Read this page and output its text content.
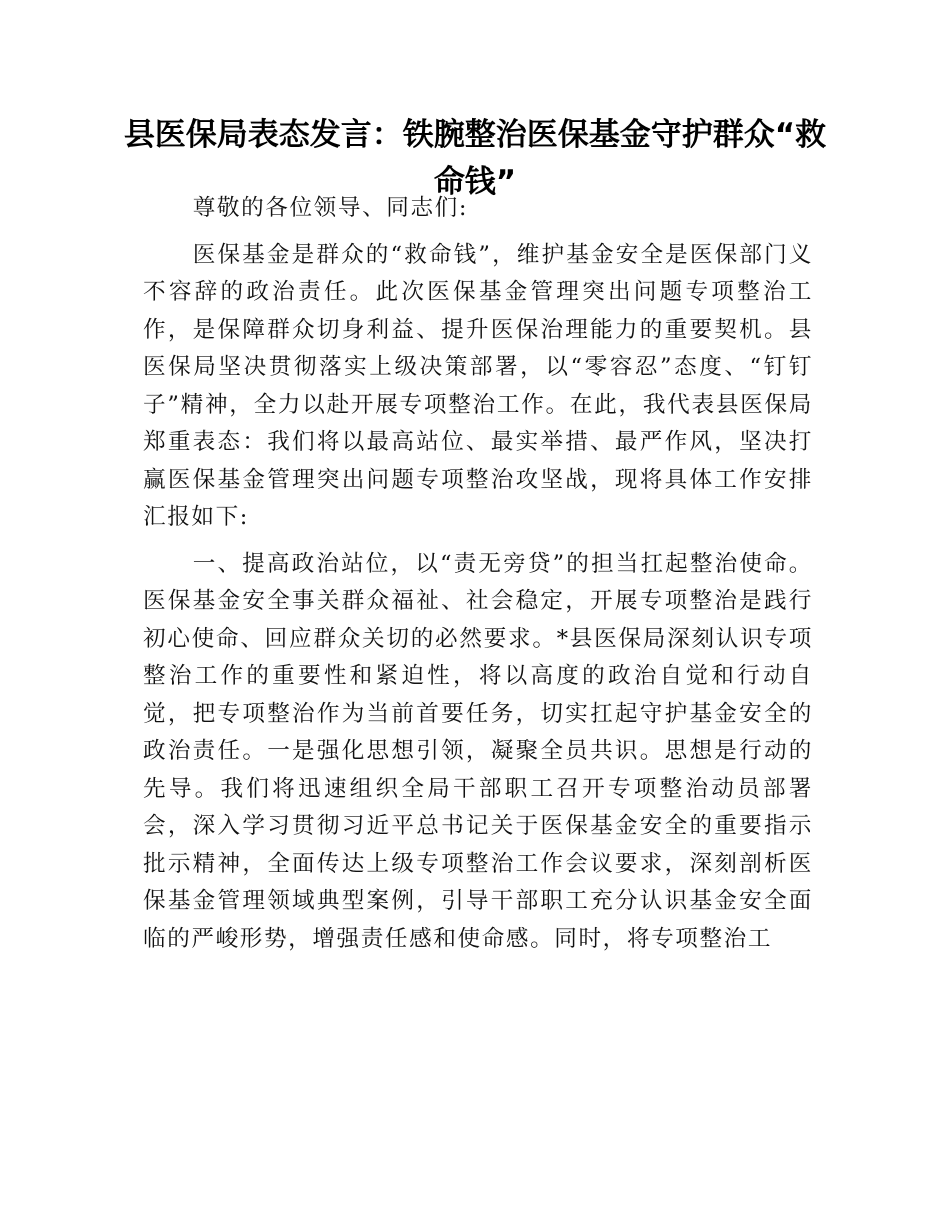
县医保局表态发言：铁腕整治医保基金守护群众“救命钱”

尊敬的各位领导、同志们:

医保基金是群众的“救命钱”，维护基金安全是医保部门义不容辞的政治责任。此次医保基金管理突出问题专项整治工作，是保障群众切身利益、提升医保治理能力的重要契机。县医保局坚决贯彻落实上级决策部署，以“零容忍”态度、“钉钉子”精神，全力以赴开展专项整治工作。在此，我代表县医保局郑重表态：我们将以最高站位、最实举措、最严作风，坚决打赢医保基金管理突出问题专项整治攻坚战，现将具体工作安排汇报如下:

一、提高政治站位，以“责无旁贷”的担当扛起整治使命。医保基金安全事关群众福祉、社会稳定，开展专项整治是践行初心使命、回应群众关切的必然要求。*县医保局深刻认识专项整治工作的重要性和紧迫性，将以高度的政治自觉和行动自觉，把专项整治作为当前首要任务，切实扛起守护基金安全的政治责任。一是强化思想引领，凝聚全员共识。思想是行动的先导。我们将迅速组织全局干部职工召开专项整治动员部署会，深入学习贯彻习近平总书记关于医保基金安全的重要指示批示精神，全面传达上级专项整治工作会议要求，深刻剖析医保基金管理领域典型案例，引导干部职工充分认识基金安全面临的严峻形势，增强责任感和使命感。同时，将专项整治工
